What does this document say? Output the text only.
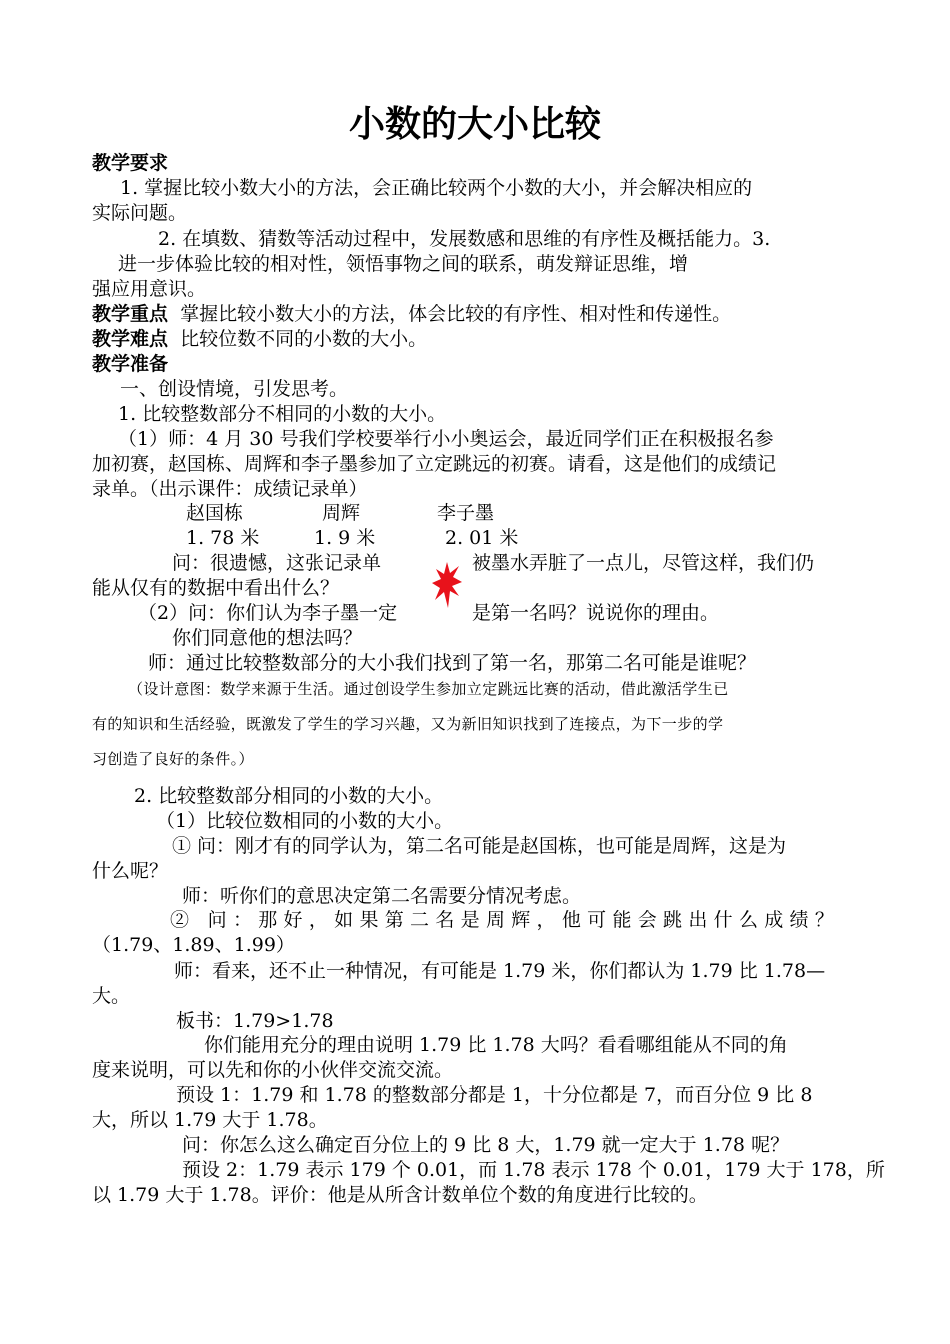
小数的大小比较
教学要求
1. 掌握比较小数大小的方法，会正确比较两个小数的大小，并会解决相应的
实际问题。
2. 在填数、猜数等活动过程中，发展数感和思维的有序性及概括能力。3.
进一步体验比较的相对性，领悟事物之间的联系，萌发辩证思维，增
强应用意识。
教学重点 掌握比较小数大小的方法，体会比较的有序性、相对性和传递性。
教学难点 比较位数不同的小数的大小。
教学准备
一、创设情境，引发思考。
1. 比较整数部分不相同的小数的大小。
（1）师：4 月 30 号我们学校要举行小小奥运会，最近同学们正在积极报名参
加初赛，赵国栋、周辉和李子墨参加了立定跳远的初赛。请看，这是他们的成绩记
录单。（出示课件：成绩记录单）
赵国栋	周辉	李子墨
1. 78 米	1. 9 米	2. 01 米
问：很遗憾，这张记录单	被墨水弄脏了一点儿，尽管这样，我们仍
能从仅有的数据中看出什么？
（2）问：你们认为李子墨一定	是第一名吗？说说你的理由。
你们同意他的想法吗？
师：通过比较整数部分的大小我们找到了第一名，那第二名可能是谁呢？
（设计意图：数学来源于生活。通过创设学生参加立定跳远比赛的活动，借此激活学生已
有的知识和生活经验，既激发了学生的学习兴趣，又为新旧知识找到了连接点，为下一步的学
习创造了良好的条件。）
2. 比较整数部分相同的小数的大小。
（1）比较位数相同的小数的大小。
① 问：刚才有的同学认为，第二名可能是赵国栋，也可能是周辉，这是为
什么呢？
师：听你们的意思决定第二名需要分情况考虑。
② 问：那好，如果第二名是周辉，他可能会跳出什么成绩？
（1.79、1.89、1.99）
师：看来，还不止一种情况，有可能是 1.79 米，你们都认为 1.79 比 1.78—
大。
板书：1.79>1.78
你们能用充分的理由说明 1.79 比 1.78 大吗？看看哪组能从不同的角
度来说明，可以先和你的小伙伴交流交流。
预设 1：1.79 和 1.78 的整数部分都是 1，十分位都是 7，而百分位 9 比 8
大，所以 1.79 大于 1.78。
问：你怎么这么确定百分位上的 9 比 8 大，1.79 就一定大于 1.78 呢？
预设 2：1.79 表示 179 个 0.01，而 1.78 表示 178 个 0.01，179 大于 178，所
以 1.79 大于 1.78。评价：他是从所含计数单位个数的角度进行比较的。
